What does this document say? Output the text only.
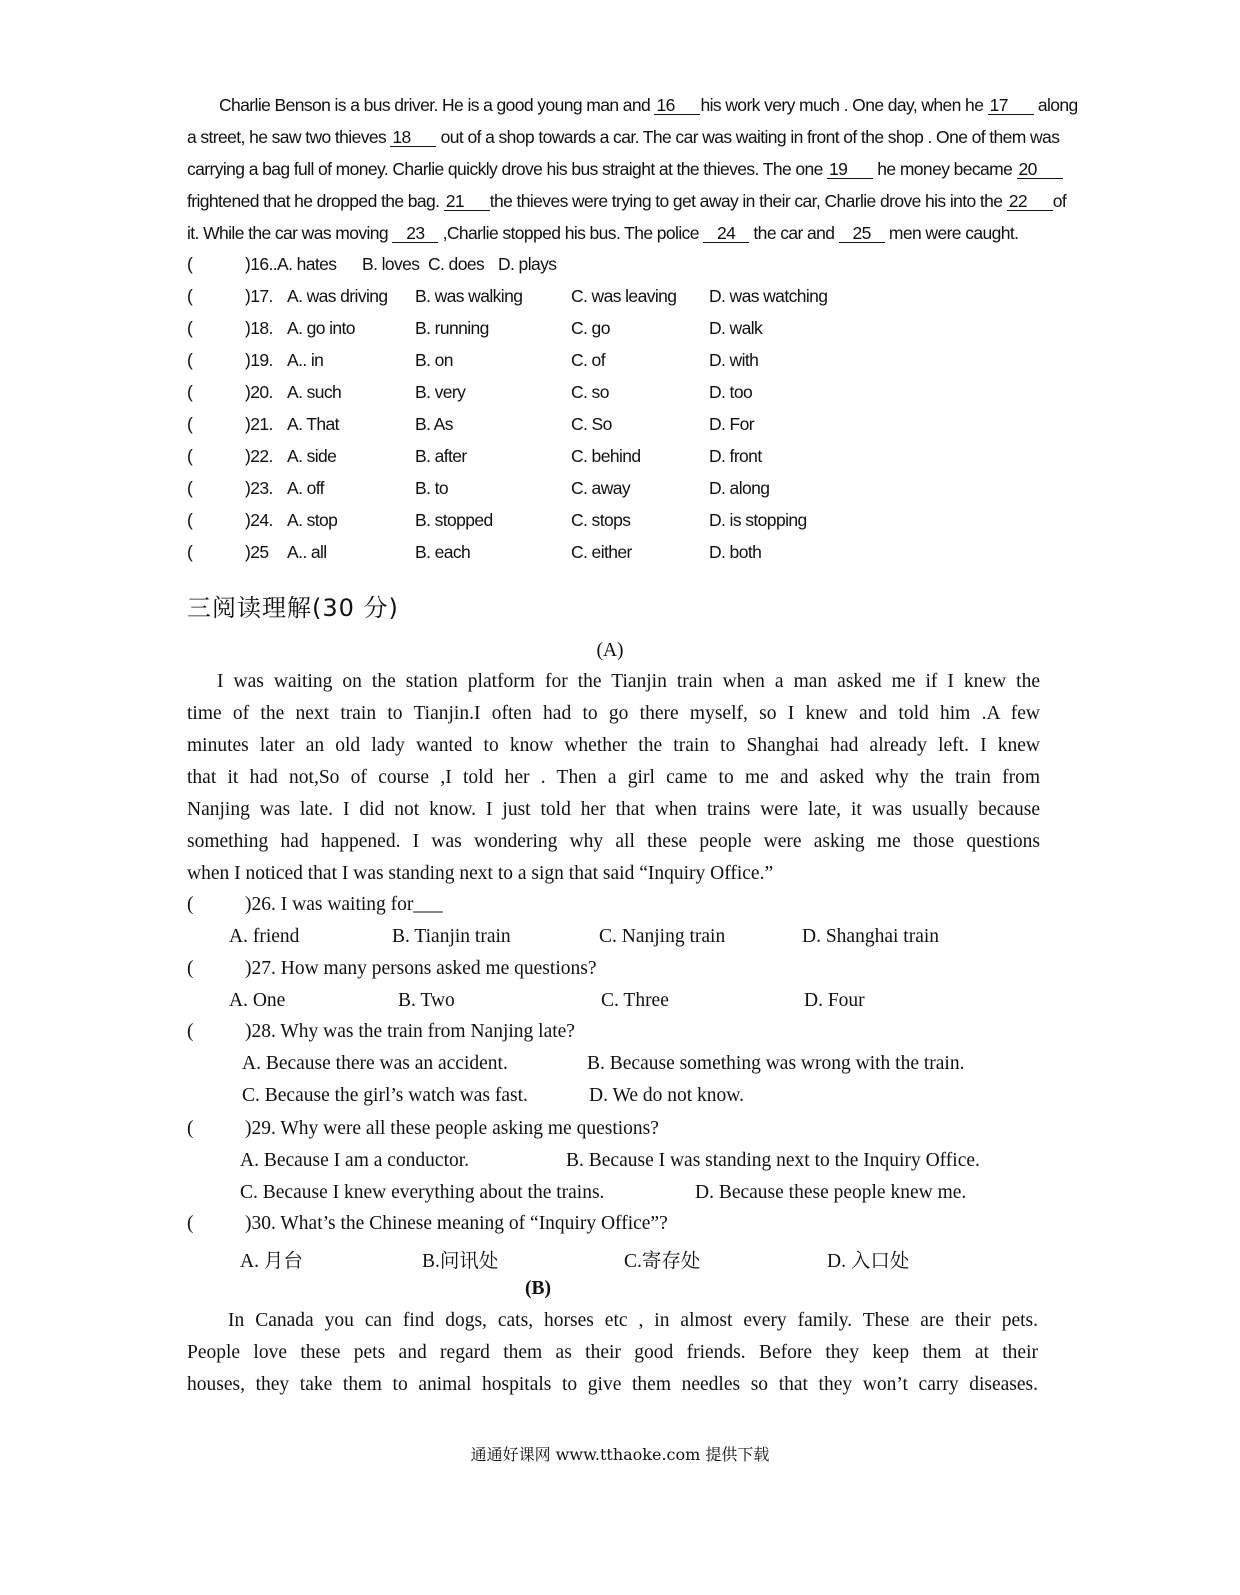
Charlie Benson is a bus driver. He is a good young man and 16 his work very much . One day, when he 17 along
a street, he saw two thieves 18 out of a shop towards a car. The car was waiting in front of the shop . One of them was
carrying a bag full of money. Charlie quickly drove his bus straight at the thieves. The one 19 he money became 20
frightened that he dropped the bag. 21 the thieves were trying to get away in their car, Charlie drove his into the 22 of
it. While the car was moving 23 ,Charlie stopped his bus. The police 24 the car and 25 men were caught.
(	)16..A. hates B. loves C. does D. plays
(	)17. A. was driving B. was walking	C. was leaving D. was watching
(	)18. A. go into	B. running	C. go	D. walk
(	)19. A.. in	B. on	C. of	D. with
(	)20. A. such	B. very	C. so	D. too
(	)21. A. That	B. As	C. So	D. For
(	)22. A. side	B. after	C. behind	D. front
(	)23. A. off	B. to	C. away	D. along
(	)24. A. stop	B. stopped	C. stops	D. is stopping
(	)25 A.. all	B. each	C. either	D. both
三阅读理解(30 分)
(A)
I was waiting on the station platform for the Tianjin train when a man asked me if I knew the
time of the next train to Tianjin.I often had to go there myself, so I knew and told him .A few
minutes later an old lady wanted to know whether the train to Shanghai had already left. I knew
that it had not,So of course ,I told her . Then a girl came to me and asked why the train from
Nanjing was late. I did not know. I just told her that when trains were late, it was usually because
something had happened. I was wondering why all these people were asking me those questions
when I noticed that I was standing next to a sign that said “Inquiry Office.”
(	)26. I was waiting for___
A. friend	B. Tianjin train	C. Nanjing train	D. Shanghai train
(	)27. How many persons asked me questions?
A. One	B. Two	C. Three	D. Four
(	)28. Why was the train from Nanjing late?
A. Because there was an accident.	B. Because something was wrong with the train.
C. Because the girl’s watch was fast.	D. We do not know.
(	)29. Why were all these people asking me questions?
A. Because I am a conductor.	B. Because I was standing next to the Inquiry Office.
C. Because I knew everything about the trains.	D. Because these people knew me.
(	)30. What’s the Chinese meaning of “Inquiry Office”?
A. 月台	B.问讯处	C.寄存处	D. 入口处
(B)
In Canada you can find dogs, cats, horses etc , in almost every family. These are their pets.
People love these pets and regard them as their good friends. Before they keep them at their
houses, they take them to animal hospitals to give them needles so that they won’t carry diseases.
通通好课网 www.tthaoke.com 提供下载
